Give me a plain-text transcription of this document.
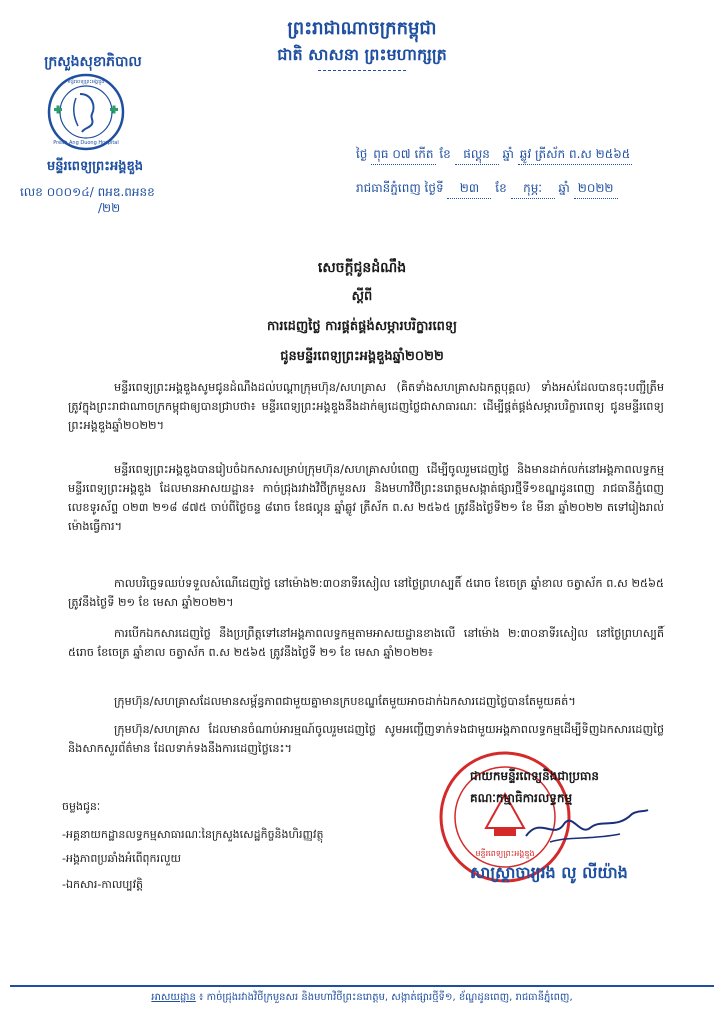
ព្រះរាជាណាចក្រកម្ពុជា
ជាតិ សាសនា ព្រះមហាក្សត្រ
ក្រសួងសុខាភិបាល
Preah Ang Duong Hospital
មន្ទីរពេទ្យព្រះអង្គឌួង
មន្ទីរពេទ្យព្រះអង្គឌួង
លេខ ០០០១៤/ ពអឌ.ពអនខ
/២២
ថ្ងៃ ពុធ ០៧ កើត ខែ ផល្គុន ឆ្នាំ ឆ្លូវ ត្រីស័ក ព.ស ២៥៦៥
រាជធានីភ្នំពេញ ថ្ងៃទី ២៣ ខែ កុម្ភៈ ឆ្នាំ ២០២២
សេចក្តីជូនដំណឹង
ស្តីពី
ការដេញថ្លៃ ការផ្គត់ផ្គង់សម្ភារបរិក្ខារពេទ្យ
ជូនមន្ទីរពេទ្យព្រះអង្គឌួងឆ្នាំ២០២២
មន្ទីរពេទ្យព្រះអង្គឌួងសូមជូនដំណឹងដល់បណ្តាក្រុមហ៊ុន/សហគ្រាស (គិតទាំងសហគ្រាសឯកត្តបុគ្គល) ទាំងអស់ដែលបានចុះបញ្ជីត្រឹមត្រូវក្នុងព្រះរាជាណាចក្រកម្ពុជាឲ្យបានជ្រាបថា៖ មន្ទីរពេទ្យព្រះអង្គឌួងនឹងដាក់ឲ្យដេញថ្លៃជាសាធារណៈ ដើម្បីផ្គត់ផ្គង់សម្ភារបរិក្ខារពេទ្យ ជូនមន្ទីរពេទ្យព្រះអង្គឌួងឆ្នាំ២០២២។
មន្ទីរពេទ្យព្រះអង្គឌួងបានរៀបចំឯកសារសម្រាប់ក្រុមហ៊ុន/សហគ្រាសបំពេញ ដើម្បីចូលរួមដេញថ្លៃ និងមានដាក់លក់នៅអង្គភាពលទ្ធកម្មមន្ទីរពេទ្យព្រះអង្គឌួង ដែលមានអាសយដ្ឋាន៖ កាច់ជ្រុងរវាងវិថីក្រមួនសរ និងមហាវិថីព្រះនរោត្តមសង្កាត់ផ្សារថ្មីទី១ខណ្ឌដូនពេញ រាជធានីភ្នំពេញ លេខទូរស័ព្ទ ០២៣ ២១៨ ៨៧៥ ចាប់ពីថ្ងៃចន្ទ ៨រោច ខែផល្គុន ឆ្នាំឆ្លូវ ត្រីស័ក ព.ស ២៥៦៥ ត្រូវនឹងថ្ងៃទី២១ ខែ មីនា ឆ្នាំ២០២២ តទៅរៀងរាល់ម៉ោងធ្វើការ។
កាលបរិច្ឆេទឈប់ទទួលសំណើដេញថ្លៃ នៅម៉ោង២:៣០នាទីរសៀល នៅថ្ងៃព្រហស្បតិ៍ ៥រោច ខែចេត្រ ឆ្នាំខាល ចត្វាស័ក ព.ស ២៥៦៥ ត្រូវនឹងថ្ងៃទី ២១ ខែ មេសា ឆ្នាំ២០២២។
ការបើកឯកសារដេញថ្លៃ នឹងប្រព្រឹត្តទៅនៅអង្គភាពលទ្ធកម្មតាមអាសយដ្ឋានខាងលើ នៅម៉ោង ២:៣០នាទីរសៀល នៅថ្ងៃព្រហស្បតិ៍ ៥រោច ខែចេត្រ ឆ្នាំខាល ចត្វាស័ក ព.ស ២៥៦៥ ត្រូវនឹងថ្ងៃទី ២១ ខែ មេសា ឆ្នាំ២០២២៖
ក្រុមហ៊ុន/សហគ្រាសដែលមានសម្ព័ន្ធភាពជាមួយគ្នាមានក្របខណ្ឌតែមួយអាចដាក់ឯកសារដេញថ្លៃបានតែមួយគត់។
ក្រុមហ៊ុន/សហគ្រាស ដែលមានចំណាប់អារម្មណ៍ចូលរួមដេញថ្លៃ សូមអញ្ជើញទាក់ទងជាមួយអង្គភាពលទ្ធកម្មដើម្បីទិញឯកសារដេញថ្លៃ និងសាកសួរព័ត៌មាន ដែលទាក់ទងនឹងការដេញថ្លៃនេះ។
មន្ទីរពេទ្យព្រះអង្គឌួង
ជាយកមន្ទីរពេទ្យនិងជាប្រធាន
គណៈកម្មាធិការលទ្ធកម្ម
សាស្ត្រាចារ្យរង លូ លីយ៉ាង
ចម្លងជូនៈ
-អគ្គនាយកដ្ឋានលទ្ធកម្មសាធារណៈនៃក្រសួងសេដ្ឋកិច្ចនិងហិរញ្ញវត្ថុ
-អង្គភាពប្រឆាំងអំពើពុករលួយ
-ឯកសារ-កាលប្បវត្តិ
អាសយដ្ឋាន ៖ កាច់ជ្រុងរវាងវិថីក្រមួនសរ និងមហាវិថីព្រះនរោត្តម, សង្កាត់ផ្សារថ្មីទី១, ខ័ណ្ឌដូនពេញ, រាជធានីភ្នំពេញ,
